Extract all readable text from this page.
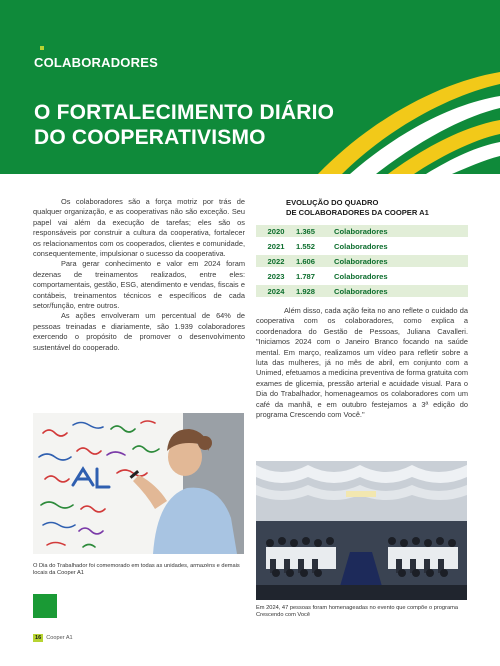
COLABORADORES
O FORTALECIMENTO DIÁRIO
DO COOPERATIVISMO

Os colaboradores são a força motriz por trás de qualquer organização, e as cooperativas não são exceção. Seu papel vai além da execução de tarefas; eles são os responsáveis por construir a cultura da cooperativa, fortalecer os relacionamentos com os cooperados, clientes e comunidade, consequentemente, impulsionar o sucesso da cooperativa.

Para gerar conhecimento e valor em 2024 foram dezenas de treinamentos realizados, entre eles: comportamentais, gestão, ESG, atendimento e vendas, fiscais e contábeis, treinamentos técnicos e específicos de cada setor/função, entre outros.

As ações envolveram um percentual de 64% de pessoas treinadas e diariamente, são 1.939 colaboradores exercendo o propósito de promover o desenvolvimento sustentável do cooperado.

EVOLUÇÃO DO QUADRO
DE COLABORADORES DA COOPER A1
2020	1.365	Colaboradores
2021	1.552	Colaboradores
2022	1.606	Colaboradores
2023	1.787	Colaboradores
2024	1.928	Colaboradores
Além disso, cada ação feita no ano reflete o cuidado da cooperativa com os colaboradores, como explica a coordenadora do Gestão de Pessoas, Juliana Cavalleri. "Iniciamos 2024 com o Janeiro Branco focando na saúde mental. Em março, realizamos um vídeo para refletir sobre a luta das mulheres, já no mês de abril, em conjunto com a Unimed, efetuamos a medicina preventiva de forma gratuita com exames de glicemia, pressão arterial e acuidade visual. Para o Dia do Trabalhador, homenageamos os colaboradores com um café da manhã, e em outubro festejamos a 3ª edição do programa Crescendo com Você."
O Dia do Trabalhador foi comemorado em todas as unidades, armazéns e demais locais da Cooper A1
Em 2024, 47 pessoas foram homenageadas no evento que compõe o programa Crescendo com Você
16 Cooper A1
